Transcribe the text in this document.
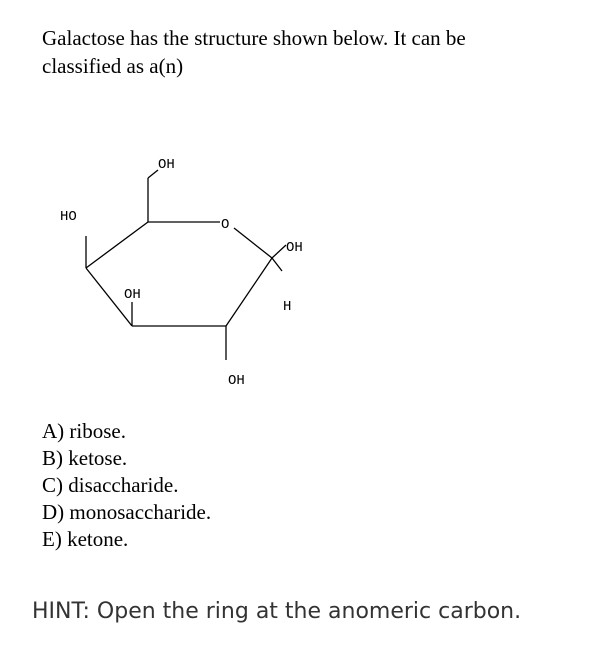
Galactose has the structure shown below. It can be
classified as a(n)
OH
HO	O
OH
H
OH
OH
A) ribose.
B) ketose.
C) disaccharide.
D) monosaccharide.
E) ketone.
HINT: Open the ring at the anomeric carbon.
